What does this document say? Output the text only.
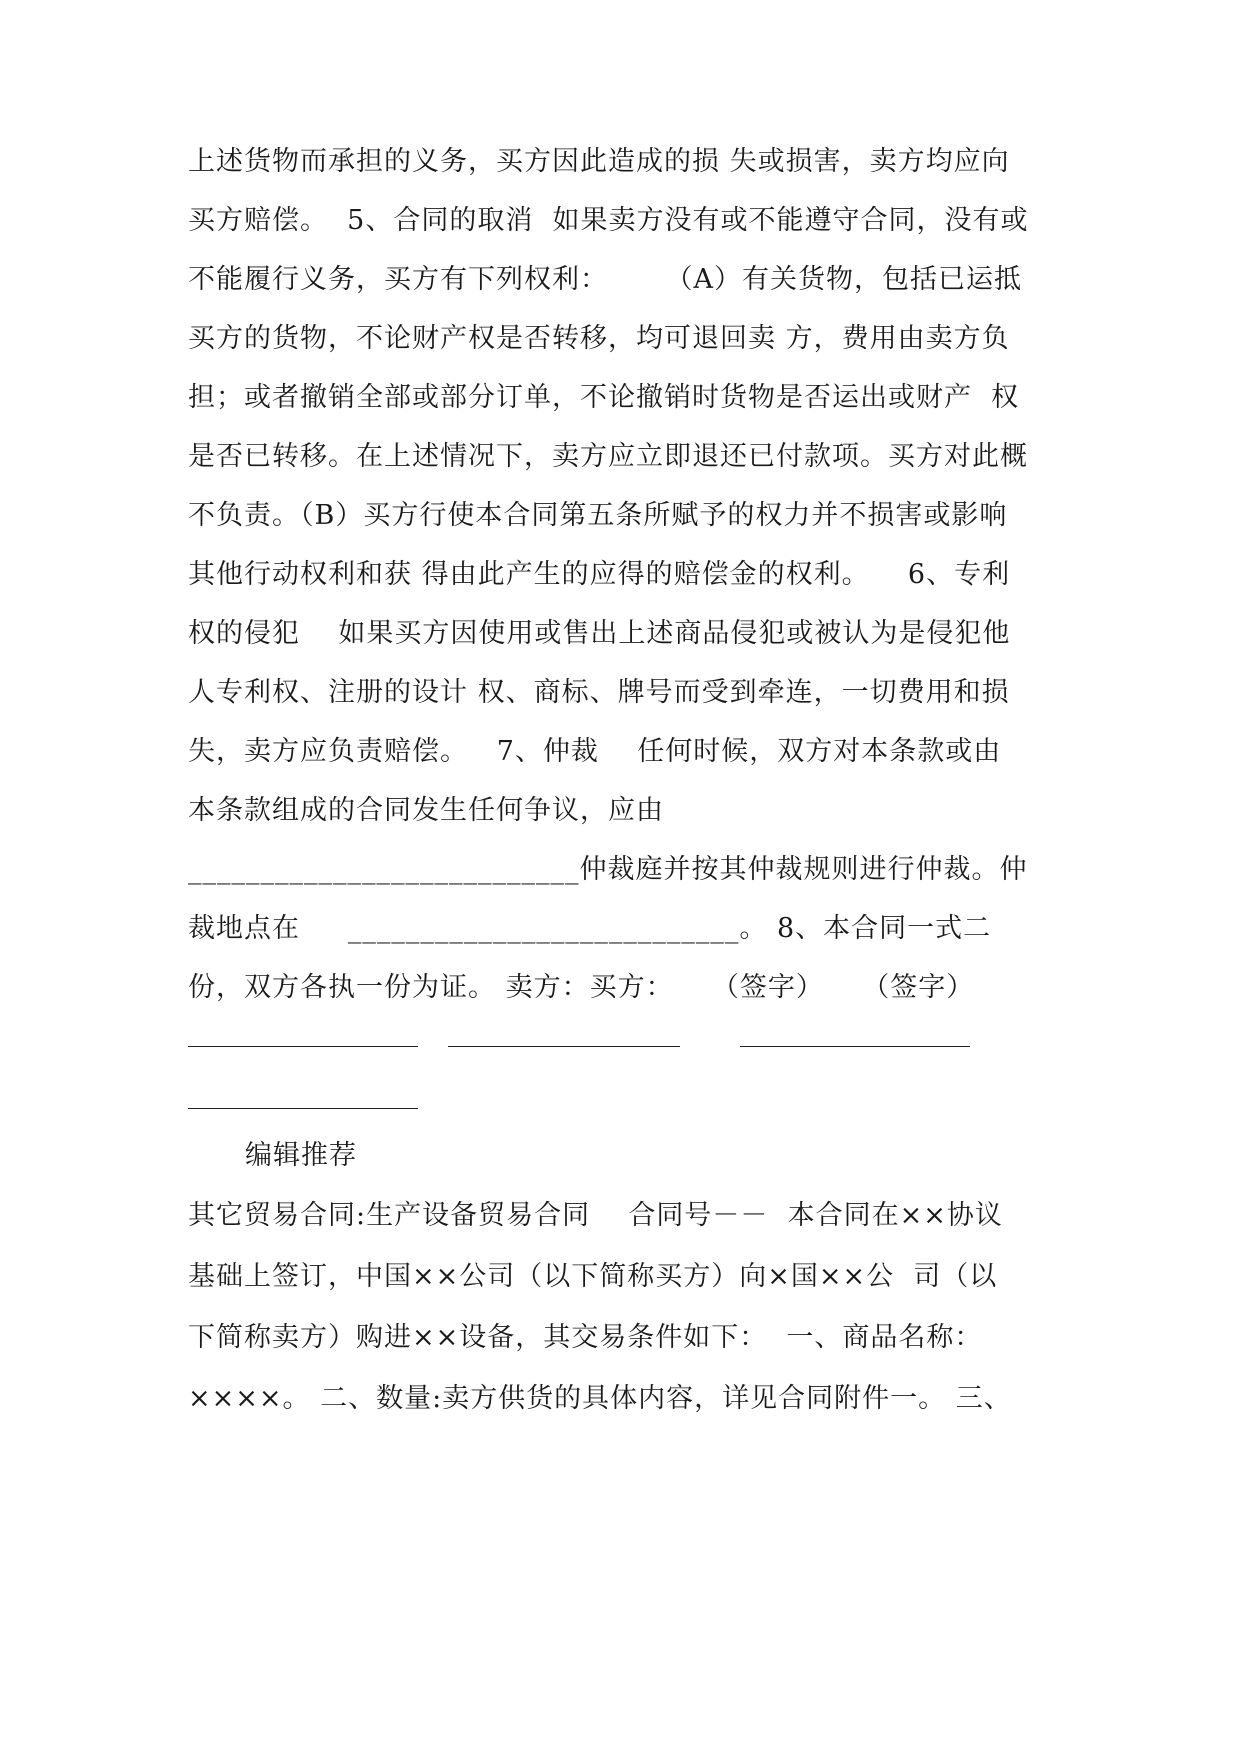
上述货物而承担的义务，买方因此造成的损 失或损害，卖方均应向
买方赔偿。  5、合同的取消  如果卖方没有或不能遵守合同，没有或
不能履行义务，买方有下列权利：      （A）有关货物，包括已运抵
买方的货物，不论财产权是否转移，均可退回卖 方，费用由卖方负
担；或者撤销全部或部分订单，不论撤销时货物是否运出或财产  权
是否已转移。在上述情况下，卖方应立即退还已付款项。买方对此概
不负责。（B）买方行使本合同第五条所赋予的权力并不损害或影响
其他行动权利和获 得由此产生的应得的赔偿金的权利。    6、专利
权的侵犯    如果买方因使用或售出上述商品侵犯或被认为是侵犯他
人专利权、注册的设计 权、商标、牌号而受到牵连，一切费用和损
失，卖方应负责赔偿。   7、仲裁    任何时候，双方对本条款或由
本条款组成的合同发生任何争议，应由
___________________________仲裁庭并按其仲裁规则进行仲裁。仲
裁地点在     ___________________________。 8、本合同一式二
份，双方各执一份为证。 卖方：买方：    （签字）    （签字）
编辑推荐
其它贸易合同:生产设备贸易合同    合同号－－  本合同在××协议
基础上签订，中国××公司（以下简称买方）向×国××公  司（以
下简称卖方）购进××设备，其交易条件如下：  一、商品名称：
××××。 二、数量:卖方供货的具体内容，详见合同附件一。 三、
